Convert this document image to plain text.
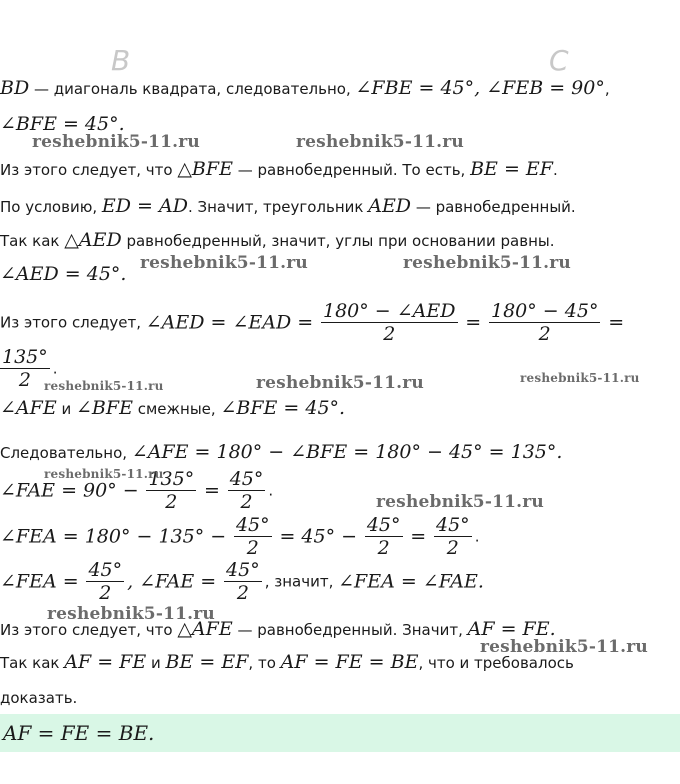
B	C
BD — диагональ квадрата, следовательно, ∠FBE = 45°, ∠FEB = 90°,
∠BFE = 45°.
Из этого следует, что △BFE — равнобедренный. То есть, BE = EF.
По условию, ED = AD. Значит, треугольник AED — равнобедренный.
Так как △AED равнобедренный, значит, углы при основании равны.
∠AED = 45°.
Из этого следует, ∠AED = ∠EAD = $\frac{\text{180° − ∠AED}}{2} = \frac{180^\circ - 45^\circ}{2}$ =
$\frac{135^\circ}{2}$ .
∠AFE и ∠BFE смежные, ∠BFE = 45°.
Следовательно, ∠AFE = 180° − ∠BFE = 180° − 45° = 135°.
∠FAE = $90^\circ - \frac{135^\circ}{2} = \frac{45^\circ}{2}$ .
∠FEA = $180^\circ - 135^\circ - \frac{45^\circ}{2} = 45^\circ - \frac{45^\circ}{2} = \frac{45^\circ}{2}$ .
∠FEA = $\frac{45^\circ}{2}$ , ∠FAE = $\frac{45^\circ}{2}$ , значит, ∠FEA = ∠FAE.
Из этого следует, что △AFE — равнобедренный. Значит, AF = FE.
Так как AF = FE и BE = EF, то AF = FE = BE, что и требовалось
доказать.
AF = FE = BE.
reshebnik5-11.ru	reshebnik5-11.ru
reshebnik5-11.ru	reshebnik5-11.ru
reshebnik5-11.ru	reshebnik5-11.ru	reshebnik5-11.ru
reshebnik5-11.ru
reshebnik5-11.ru
reshebnik5-11.ru
reshebnik5-11.ru
